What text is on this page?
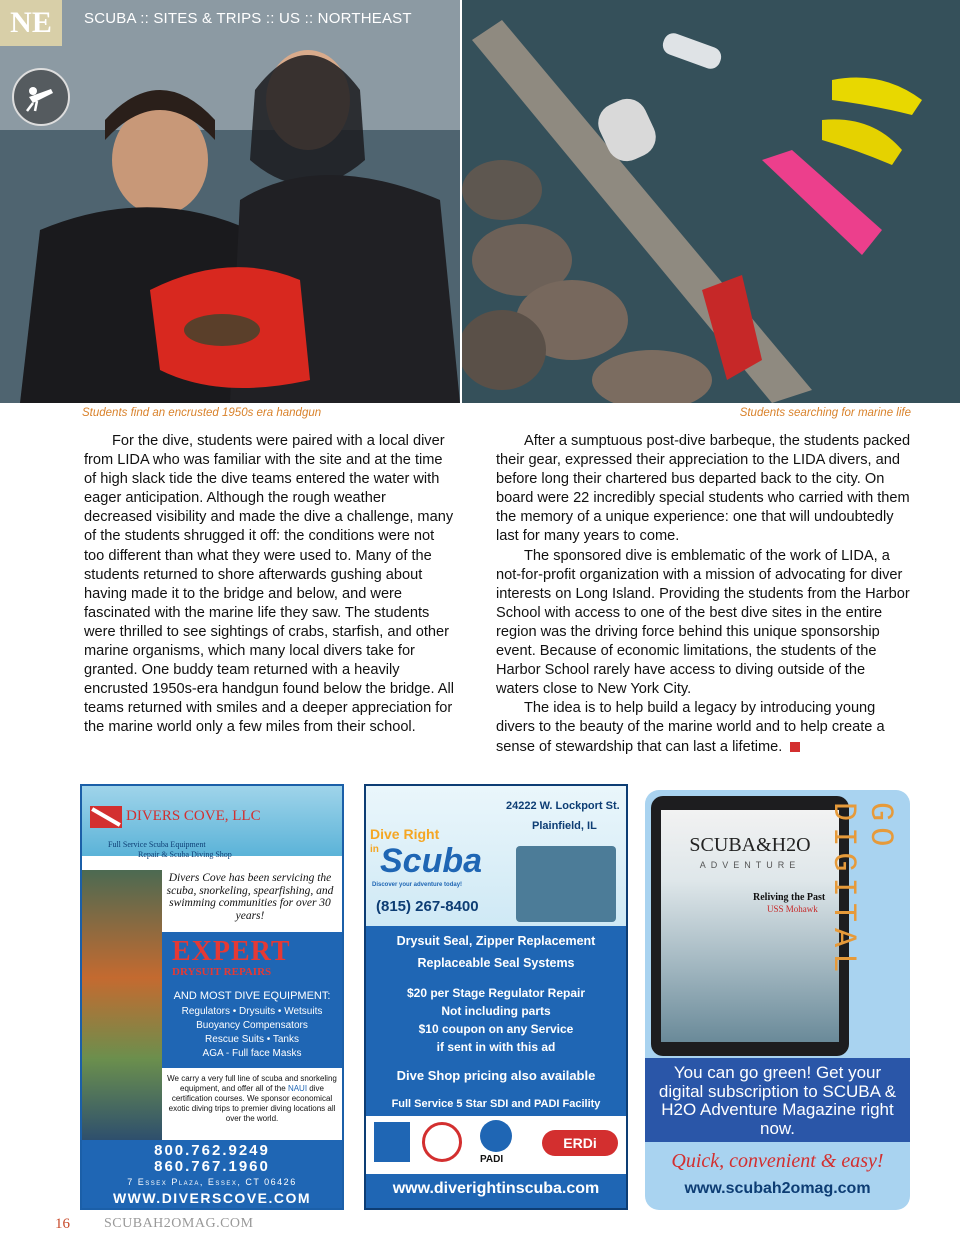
NE	SCUBA :: SITES & TRIPS :: US :: NORTHEAST
Students find an encrusted 1950s era handgun	Students searching for marine life

For the dive, students were paired with a local diver from LIDA who was familiar with the site and at the time of high slack tide the dive teams entered the water with eager anticipation. Although the rough weather decreased visibility and made the dive a challenge, many of the students shrugged it off: the conditions were not too different than what they were used to. Many of the students returned to shore afterwards gushing about having made it to the bridge and below, and were fascinated with the marine life they saw. The students were thrilled to see sightings of crabs, starfish, and other marine organisms, which many local divers take for granted. One buddy team returned with a heavily encrusted 1950s-era handgun found below the bridge. All teams returned with smiles and a deeper appreciation for the marine world only a few miles from their school.

After a sumptuous post-dive barbeque, the students packed their gear, expressed their appreciation to the LIDA divers, and before long their chartered bus departed back to the city. On board were 22 incredibly special students who carried with them the memory of a unique experience: one that will undoubtedly last for many years to come.

The sponsored dive is emblematic of the work of LIDA, a not-for-profit organization with a mission of advocating for diver interests on Long Island. Providing the students from the Harbor School with access to one of the best dive sites in the entire region was the driving force behind this unique sponsorship event. Because of economic limitations, the students of the Harbor School rarely have access to diving outside of the waters close to New York City.

The idea is to help build a legacy by introducing young divers to the beauty of the marine world and to help create a sense of stewardship that can last a lifetime.

DIVERS COVE, LLC
Full Service Scuba Equipment
Repair & Scuba Diving Shop
Divers Cove has been servicing the scuba, snorkeling, spearfishing, and swimming communities for over 30 years!
EXPERT
DRYSUIT REPAIRS
AND MOST DIVE EQUIPMENT:
Regulators • Drysuits • Wetsuits
Buoyancy Compensators
Rescue Suits • Tanks
AGA - Full face Masks
We carry a very full line of scuba and snorkeling equipment, and offer all of the NAUI dive certification courses. We sponsor economical exotic diving trips to premier diving locations all over the world.
800.762.9249
860.767.1960
7 Essex Plaza, Essex, CT 06426
WWW.DIVERSCOVE.COM
Dive Right
in Scuba
Discover your adventure today!
24222 W. Lockport St.
Plainfield, IL
(815) 267-8400
Drysuit Seal, Zipper Replacement
Replaceable Seal Systems
$20 per Stage Regulator Repair
Not including parts
$10 coupon on any Service
if sent in with this ad
Dive Shop pricing also available
Full Service 5 Star SDI and PADI Facility
PADI
ERDi
www.diverightinscuba.com
SCUBA&H2O
ADVENTURE
Reliving the Past
USS Mohawk
GO DIGITAL
You can go green! Get your digital subscription to SCUBA & H2O Adventure Magazine right now.
Quick, convenient & easy!
www.scubah2omag.com
16 SCUBAH2OMAG.COM
